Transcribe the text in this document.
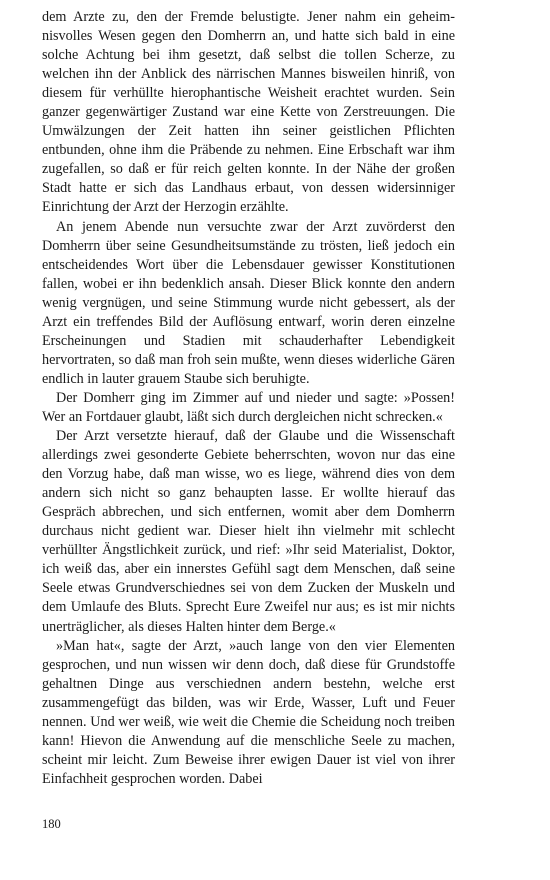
dem Arzte zu, den der Fremde belustigte. Jener nahm ein geheimnisvolles Wesen gegen den Domherrn an, und hatte sich bald in eine solche Achtung bei ihm gesetzt, daß selbst die tollen Scherze, zu welchen ihn der Anblick des närrischen Mannes bisweilen hinriß, von diesem für verhüllte hierophantische Weisheit erachtet wurden. Sein ganzer gegenwärtiger Zustand war eine Kette von Zerstreuungen. Die Umwälzungen der Zeit hatten ihn seiner geistlichen Pflichten entbunden, ohne ihm die Präbende zu nehmen. Eine Erbschaft war ihm zugefallen, so daß er für reich gelten konnte. In der Nähe der großen Stadt hatte er sich das Landhaus erbaut, von dessen widersinniger Einrichtung der Arzt der Herzogin erzählte.

An jenem Abende nun versuchte zwar der Arzt zuvörderst den Domherrn über seine Gesundheitsumstände zu trösten, ließ jedoch ein entscheidendes Wort über die Lebensdauer gewisser Konstitutionen fallen, wobei er ihn bedenklich ansah. Dieser Blick konnte den andern wenig vergnügen, und seine Stimmung wurde nicht gebessert, als der Arzt ein treffendes Bild der Auflösung entwarf, worin deren einzelne Erscheinungen und Stadien mit schauderhafter Lebendigkeit hervortraten, so daß man froh sein mußte, wenn dieses widerliche Gären endlich in lauter grauem Staube sich beruhigte.

Der Domherr ging im Zimmer auf und nieder und sagte: »Possen! Wer an Fortdauer glaubt, läßt sich durch dergleichen nicht schrecken.«

Der Arzt versetzte hierauf, daß der Glaube und die Wissenschaft allerdings zwei gesonderte Gebiete beherrschten, wovon nur das eine den Vorzug habe, daß man wisse, wo es liege, während dies von dem andern sich nicht so ganz behaupten lasse. Er wollte hierauf das Gespräch abbrechen, und sich entfernen, womit aber dem Domherrn durchaus nicht gedient war. Dieser hielt ihn vielmehr mit schlecht verhüllter Ängstlichkeit zurück, und rief: »Ihr seid Materialist, Doktor, ich weiß das, aber ein innerstes Gefühl sagt dem Menschen, daß seine Seele etwas Grundverschiednes sei von dem Zucken der Muskeln und dem Umlaufe des Bluts. Sprecht Eure Zweifel nur aus; es ist mir nichts unerträglicher, als dieses Halten hinter dem Berge.«

»Man hat«, sagte der Arzt, »auch lange von den vier Elementen gesprochen, und nun wissen wir denn doch, daß diese für Grundstoffe gehaltnen Dinge aus verschiednen andern bestehn, welche erst zusammengefügt das bilden, was wir Erde, Wasser, Luft und Feuer nennen. Und wer weiß, wie weit die Chemie die Scheidung noch treiben kann! Hievon die Anwendung auf die menschliche Seele zu machen, scheint mir leicht. Zum Beweise ihrer ewigen Dauer ist viel von ihrer Einfachheit gesprochen worden. Dabei

180
